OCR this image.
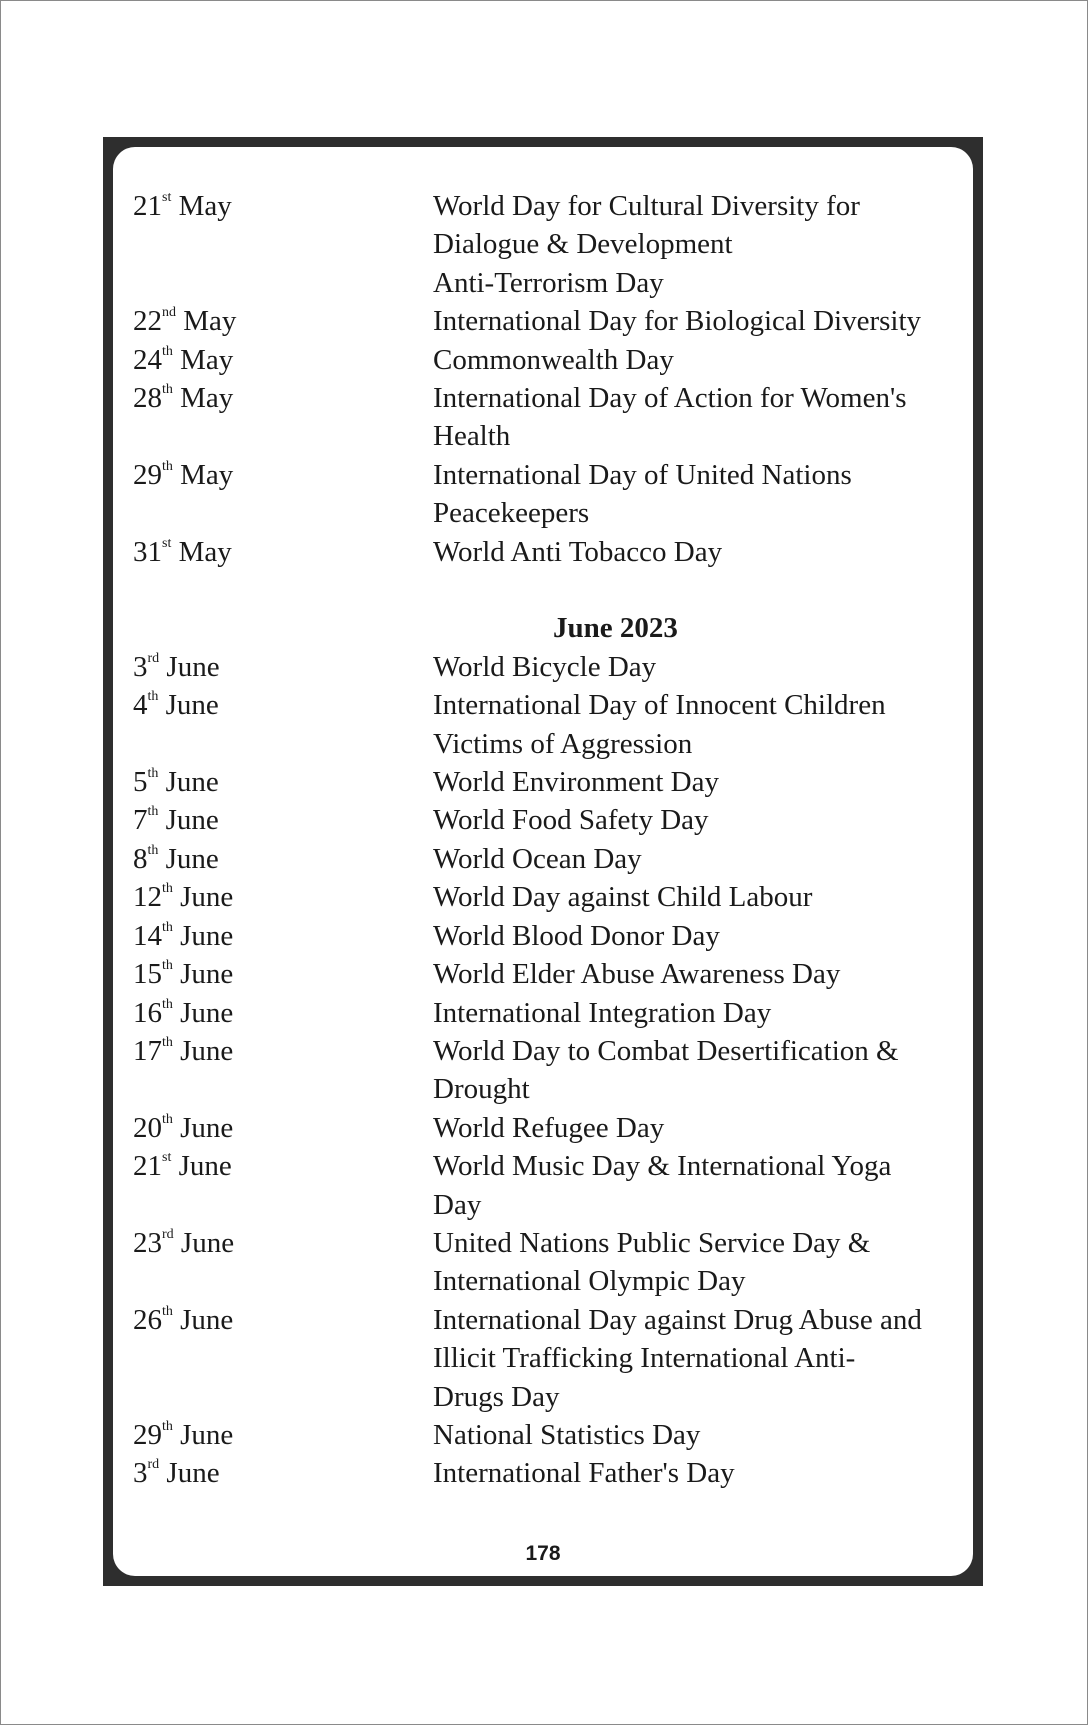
21st May	World Day for Cultural Diversity for
Dialogue & Development
Anti-Terrorism Day
22nd May	International Day for Biological Diversity
24th May	Commonwealth Day
28th May	International Day of Action for Women's
Health
29th May	International Day of United Nations
Peacekeepers
31st May	World Anti Tobacco Day
June 2023
3rd June	World Bicycle Day
4th June	International Day of Innocent Children
Victims of Aggression
5th June	World Environment Day
7th June	World Food Safety Day
8th June	World Ocean Day
12th June	World Day against Child Labour
14th June	World Blood Donor Day
15th June	World Elder Abuse Awareness Day
16th June	International Integration Day
17th June	World Day to Combat Desertification &
Drought
20th June	World Refugee Day
21st June	World Music Day & International Yoga
Day
23rd June	United Nations Public Service Day &
International Olympic Day
26th June	International Day against Drug Abuse and
Illicit Trafficking International Anti-
Drugs Day
29th June	National Statistics Day
3rd June	International Father's Day
178
